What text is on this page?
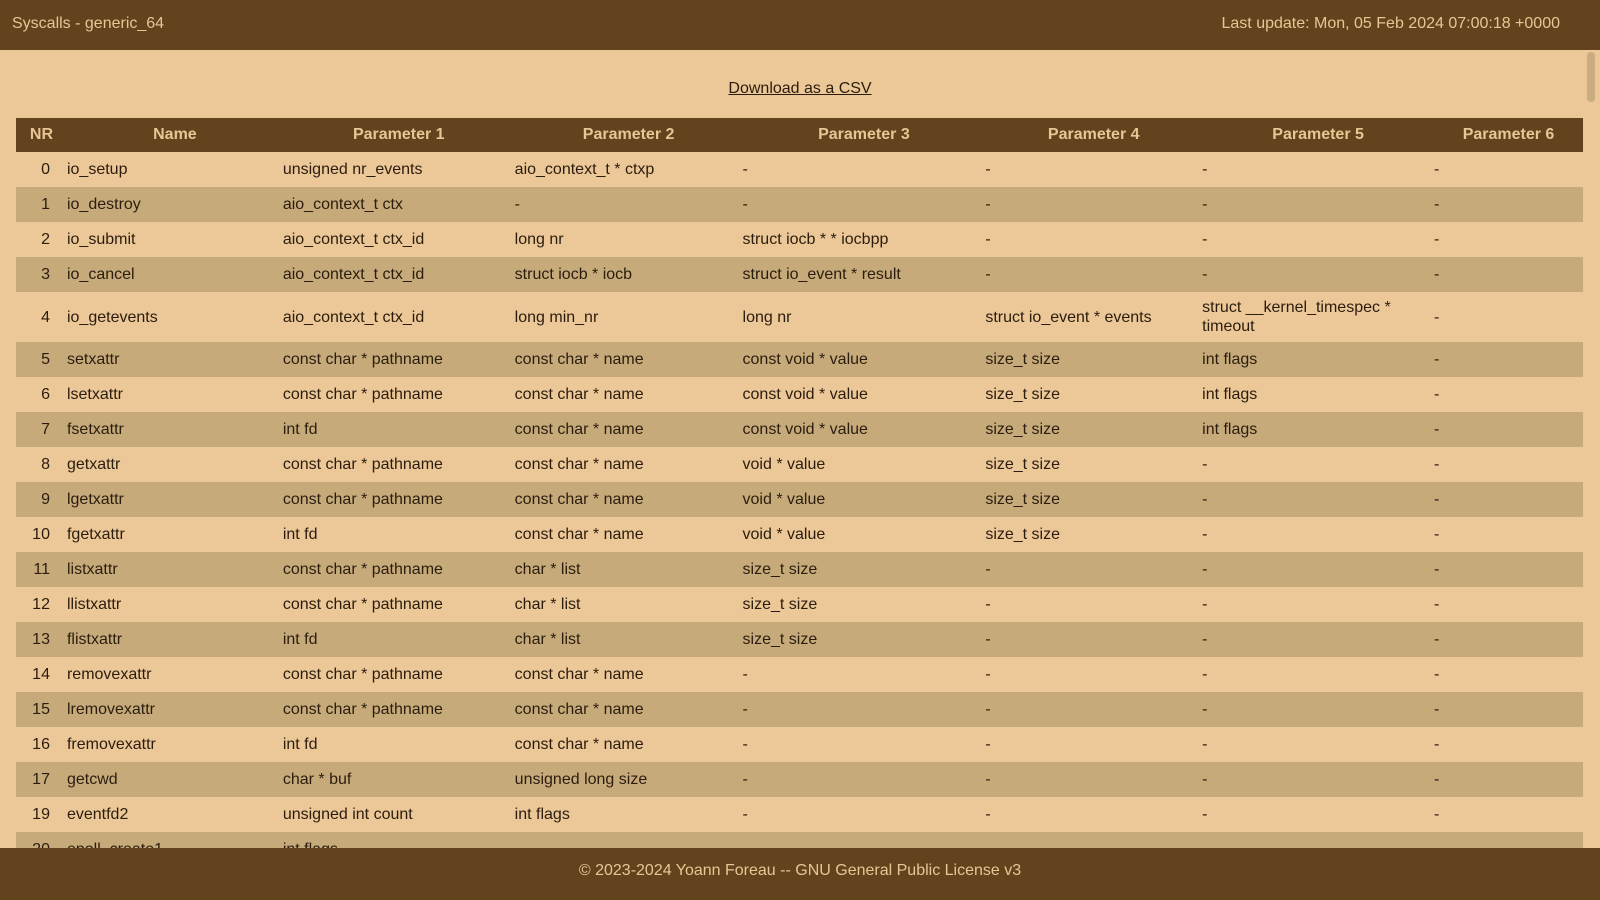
Syscalls - generic_64	Last update: Mon, 05 Feb 2024 07:00:18 +0000
Download as a CSV
NR	Name	Parameter 1	Parameter 2	Parameter 3	Parameter 4	Parameter 5	Parameter 6
0	io_setup	unsigned nr_events	aio_context_t * ctxp	-	-	-	-
1	io_destroy	aio_context_t ctx	-	-	-	-	-
2	io_submit	aio_context_t ctx_id	long nr	struct iocb * * iocbpp	-	-	-
3	io_cancel	aio_context_t ctx_id	struct iocb * iocb	struct io_event * result	-	-	-
4	io_getevents	aio_context_t ctx_id	long min_nr	long nr	struct io_event * events	struct __kernel_timespec * timeout	-
5	setxattr	const char * pathname	const char * name	const void * value	size_t size	int flags	-
6	lsetxattr	const char * pathname	const char * name	const void * value	size_t size	int flags	-
7	fsetxattr	int fd	const char * name	const void * value	size_t size	int flags	-
8	getxattr	const char * pathname	const char * name	void * value	size_t size	-	-
9	lgetxattr	const char * pathname	const char * name	void * value	size_t size	-	-
10	fgetxattr	int fd	const char * name	void * value	size_t size	-	-
11	listxattr	const char * pathname	char * list	size_t size	-	-	-
12	llistxattr	const char * pathname	char * list	size_t size	-	-	-
13	flistxattr	int fd	char * list	size_t size	-	-	-
14	removexattr	const char * pathname	const char * name	-	-	-	-
15	lremovexattr	const char * pathname	const char * name	-	-	-	-
16	fremovexattr	int fd	const char * name	-	-	-	-
17	getcwd	char * buf	unsigned long size	-	-	-	-
19	eventfd2	unsigned int count	int flags	-	-	-	-

© 2023-2024 Yoann Foreau -- GNU General Public License v3
